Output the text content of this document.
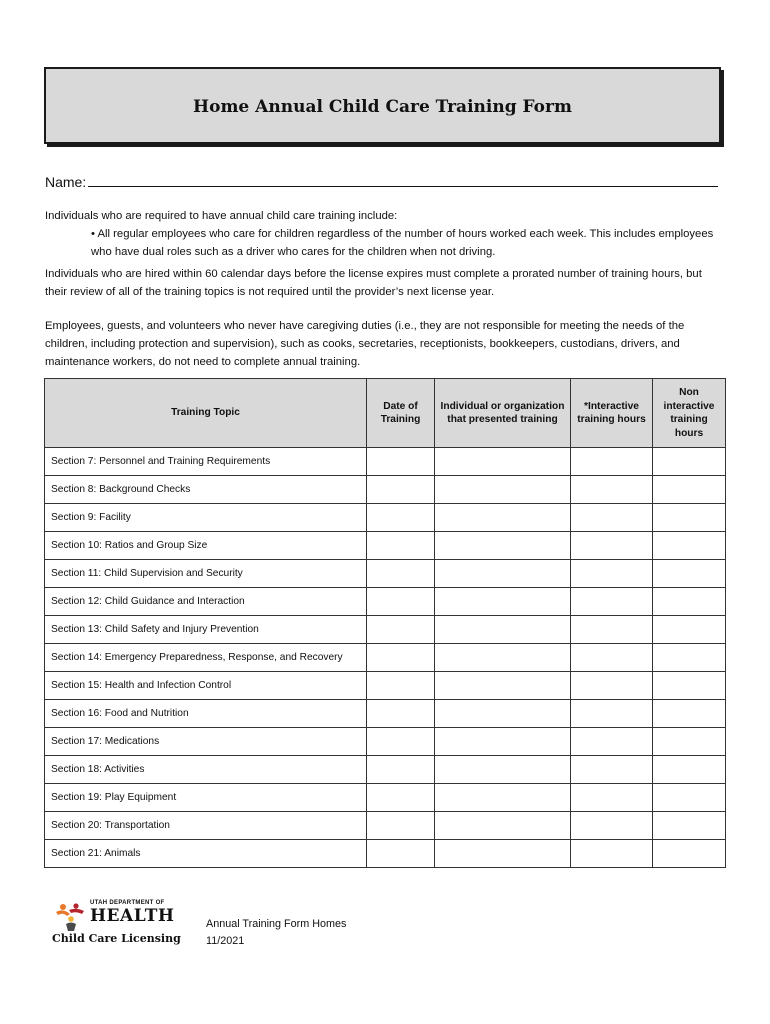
Home Annual Child Care Training Form
Name:
Individuals who are required to have annual child care training include:
• All regular employees who care for children regardless of the number of hours worked each week. This includes employees who have dual roles such as a driver who cares for the children when not driving.
Individuals who are hired within 60 calendar days before the license expires must complete a prorated number of training hours, but their review of all of the training topics is not required until the provider’s next license year.
Employees, guests, and volunteers who never have caregiving duties (i.e., they are not responsible for meeting the needs of the children, including protection and supervision), such as cooks, secretaries, receptionists, bookkeepers, custodians, drivers, and maintenance workers, do not need to complete annual training.
Training Topic	Date of Training	Individual or organization that presented training	*Interactive training hours	Non interactive training hours
Section 7: Personnel and Training Requirements				
Section 8: Background Checks				
Section 9: Facility				
Section 10: Ratios and Group Size				
Section 11: Child Supervision and Security				
Section 12: Child Guidance and Interaction				
Section 13: Child Safety and Injury Prevention				
Section 14: Emergency Preparedness, Response, and Recovery				
Section 15: Health and Infection Control				
Section 16: Food and Nutrition				
Section 17: Medications				
Section 18: Activities				
Section 19: Play Equipment				
Section 20: Transportation				
Section 21: Animals				
UTAH DEPARTMENT OF
HEALTH
Child Care Licensing
Annual Training Form Homes
11/2021
